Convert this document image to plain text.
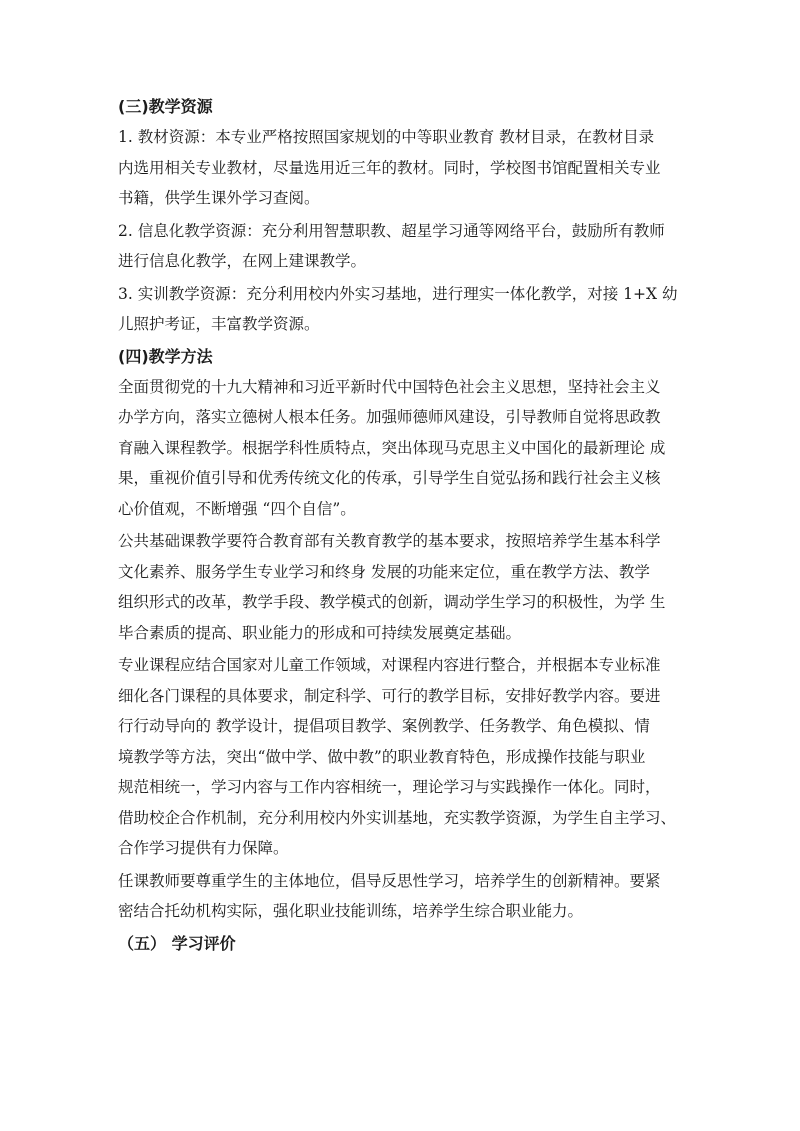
(三)教学资源

1. 教材资源：本专业严格按照国家规划的中等职业教育 教材目录，在教材目录
内选用相关专业教材，尽量选用近三年的教材。同时，学校图书馆配置相关专业
书籍，供学生课外学习查阅。

2. 信息化教学资源：充分利用智慧职教、超星学习通等网络平台，鼓励所有教师
进行信息化教学，在网上建课教学。

3. 实训教学资源：充分利用校内外实习基地，进行理实一体化教学，对接 1+X 幼
儿照护考证，丰富教学资源。

(四)教学方法

全面贯彻党的十九大精神和习近平新时代中国特色社会主义思想，坚持社会主义
办学方向，落实立德树人根本任务。加强师德师风建设，引导教师自觉将思政教
育融入课程教学。根据学科性质特点，突出体现马克思主义中国化的最新理论 成
果，重视价值引导和优秀传统文化的传承，引导学生自觉弘扬和践行社会主义核
心价值观，不断增强 “四个自信”。

公共基础课教学要符合教育部有关教育教学的基本要求，按照培养学生基本科学
文化素养、服务学生专业学习和终身 发展的功能来定位，重在教学方法、教学
组织形式的改革，教学手段、教学模式的创新，调动学生学习的积极性，为学 生
毕合素质的提高、职业能力的形成和可持续发展奠定基础。

专业课程应结合国家对儿童工作领域，对课程内容进行整合，并根据本专业标准
细化各门课程的具体要求，制定科学、可行的教学目标，安排好教学内容。要进
行行动导向的 教学设计，提倡项目教学、案例教学、任务教学、角色模拟、情
境教学等方法，突出“做中学、做中教”的职业教育特色，形成操作技能与职业
规范相统一，学习内容与工作内容相统一，理论学习与实践操作一体化。同时，
借助校企合作机制，充分利用校内外实训基地，充实教学资源，为学生自主学习、
合作学习提供有力保障。

任课教师要尊重学生的主体地位，倡导反思性学习，培养学生的创新精神。要紧
密结合托幼机构实际，强化职业技能训练，培养学生综合职业能力。

（五） 学习评价
